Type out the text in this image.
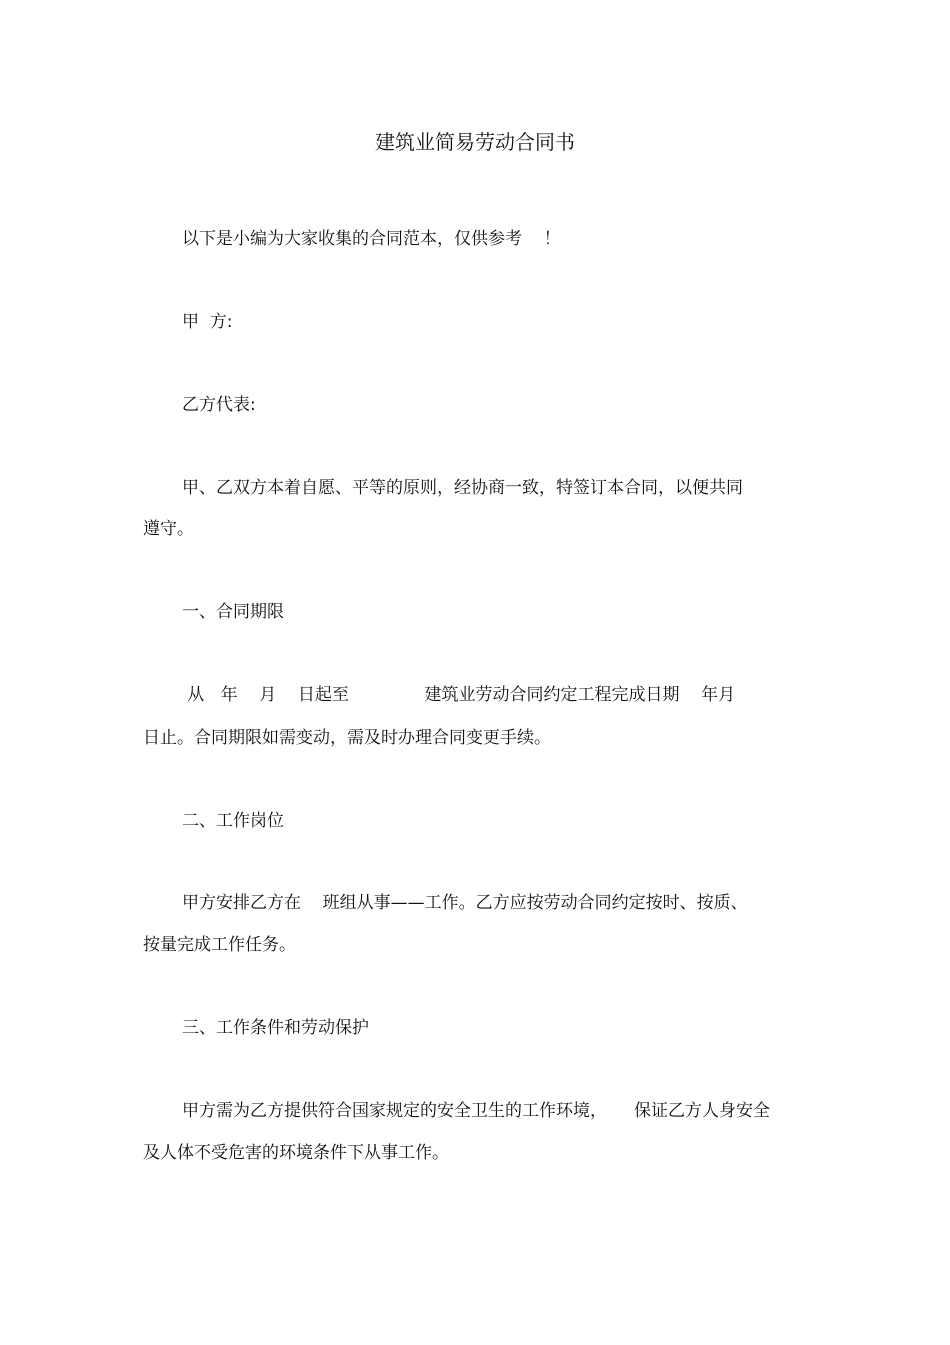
建筑业简易劳动合同书
以下是小编为大家收集的合同范本，仅供参考    ！
甲  方:
乙方代表:
甲、乙双方本着自愿、平等的原则，经协商一致，特签订本合同，以便共同
遵守。
一、合同期限
从   年    月    日起至              建筑业劳动合同约定工程完成日期    年月
日止。合同期限如需变动，需及时办理合同变更手续。
二、工作岗位
甲方安排乙方在    班组从事——工作。乙方应按劳动合同约定按时、按质、
按量完成工作任务。
三、工作条件和劳动保护
甲方需为乙方提供符合国家规定的安全卫生的工作环境，     保证乙方人身安全
及人体不受危害的环境条件下从事工作。
